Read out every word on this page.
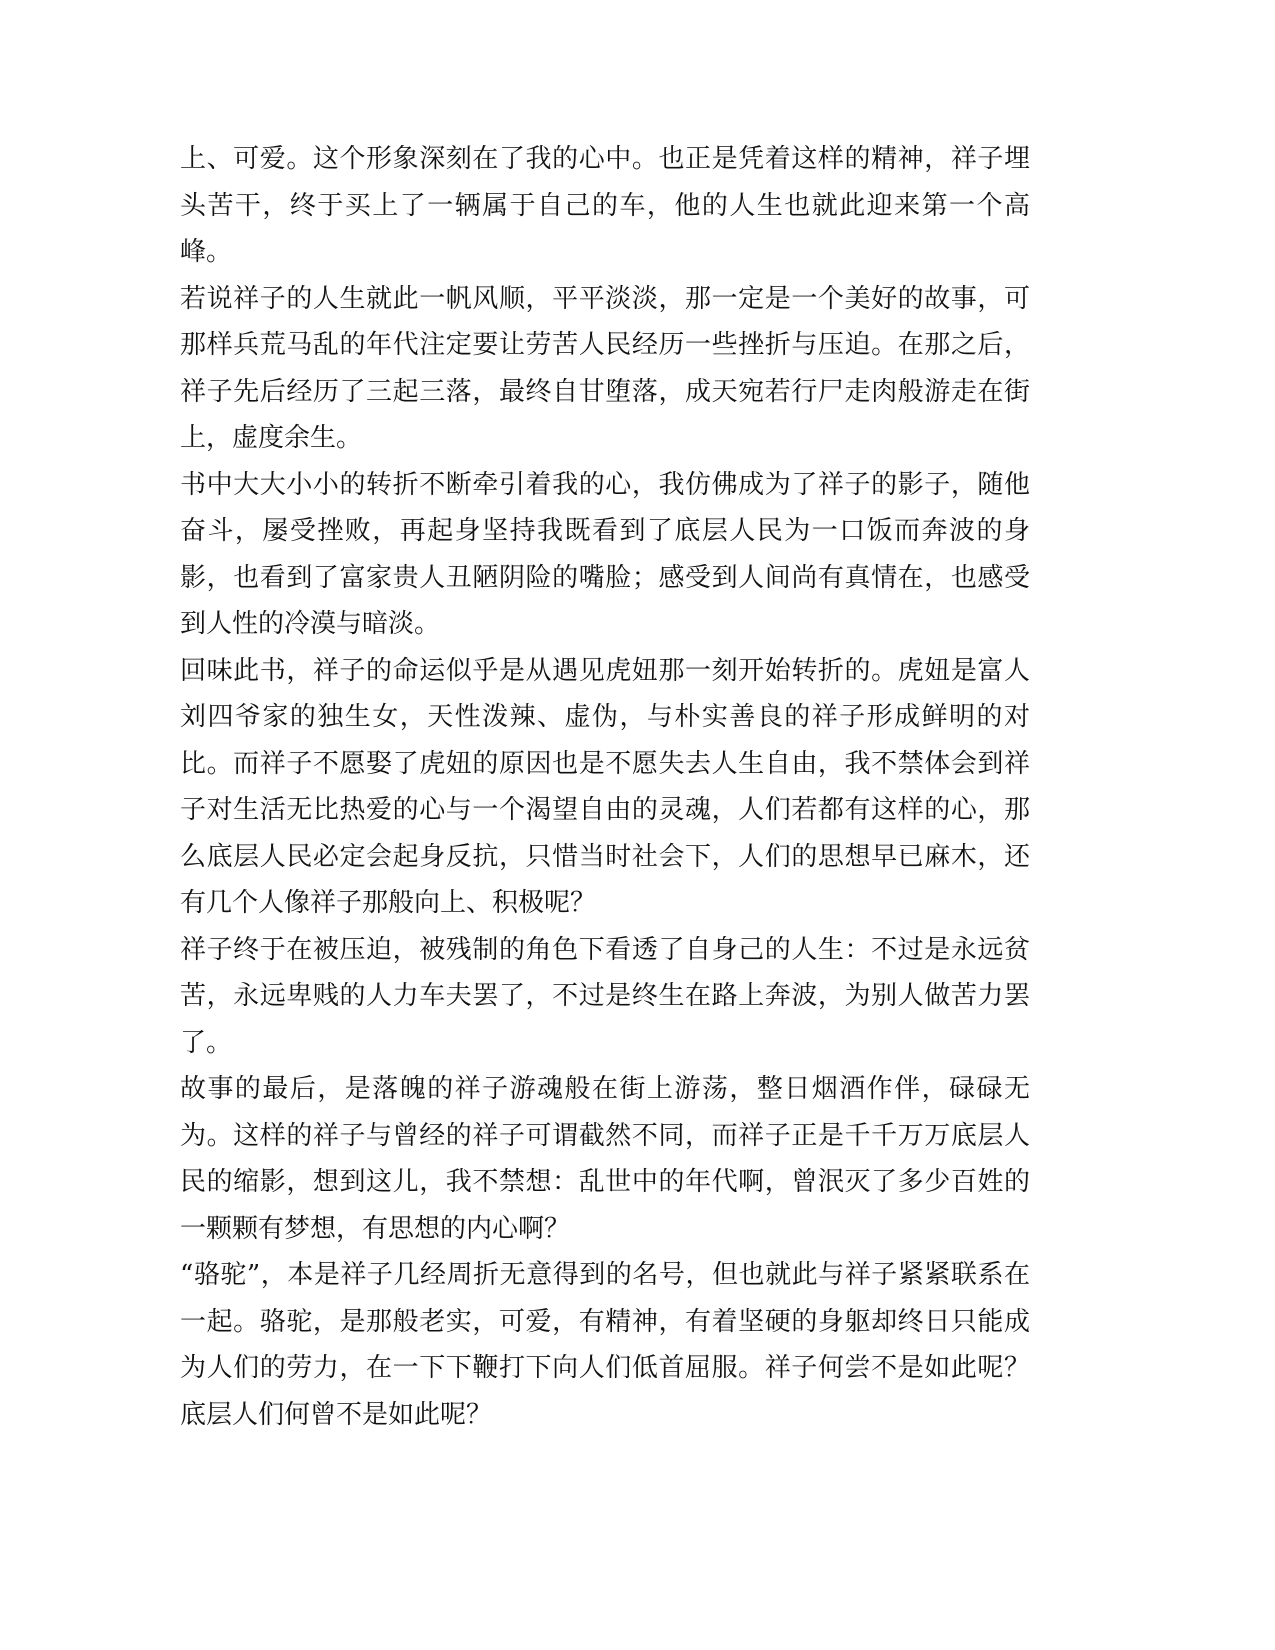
上、可爱。这个形象深刻在了我的心中。也正是凭着这样的精神，祥子埋头苦干，终于买上了一辆属于自己的车，他的人生也就此迎来第一个高峰。

若说祥子的人生就此一帆风顺，平平淡淡，那一定是一个美好的故事，可那样兵荒马乱的年代注定要让劳苦人民经历一些挫折与压迫。在那之后，祥子先后经历了三起三落，最终自甘堕落，成天宛若行尸走肉般游走在街上，虚度余生。

书中大大小小的转折不断牵引着我的心，我仿佛成为了祥子的影子，随他奋斗，屡受挫败，再起身坚持我既看到了底层人民为一口饭而奔波的身影，也看到了富家贵人丑陋阴险的嘴脸；感受到人间尚有真情在，也感受到人性的冷漠与暗淡。

回味此书，祥子的命运似乎是从遇见虎妞那一刻开始转折的。虎妞是富人刘四爷家的独生女，天性泼辣、虚伪，与朴实善良的祥子形成鲜明的对比。而祥子不愿娶了虎妞的原因也是不愿失去人生自由，我不禁体会到祥子对生活无比热爱的心与一个渴望自由的灵魂，人们若都有这样的心，那么底层人民必定会起身反抗，只惜当时社会下，人们的思想早已麻木，还有几个人像祥子那般向上、积极呢？

祥子终于在被压迫，被残制的角色下看透了自身己的人生：不过是永远贫苦，永远卑贱的人力车夫罢了，不过是终生在路上奔波，为别人做苦力罢了。

故事的最后，是落魄的祥子游魂般在街上游荡，整日烟酒作伴，碌碌无为。这样的祥子与曾经的祥子可谓截然不同，而祥子正是千千万万底层人民的缩影，想到这儿，我不禁想：乱世中的年代啊，曾泯灭了多少百姓的一颗颗有梦想，有思想的内心啊？

“骆驼”，本是祥子几经周折无意得到的名号，但也就此与祥子紧紧联系在一起。骆驼，是那般老实，可爱，有精神，有着坚硬的身躯却终日只能成为人们的劳力，在一下下鞭打下向人们低首屈服。祥子何尝不是如此呢？底层人们何曾不是如此呢？
